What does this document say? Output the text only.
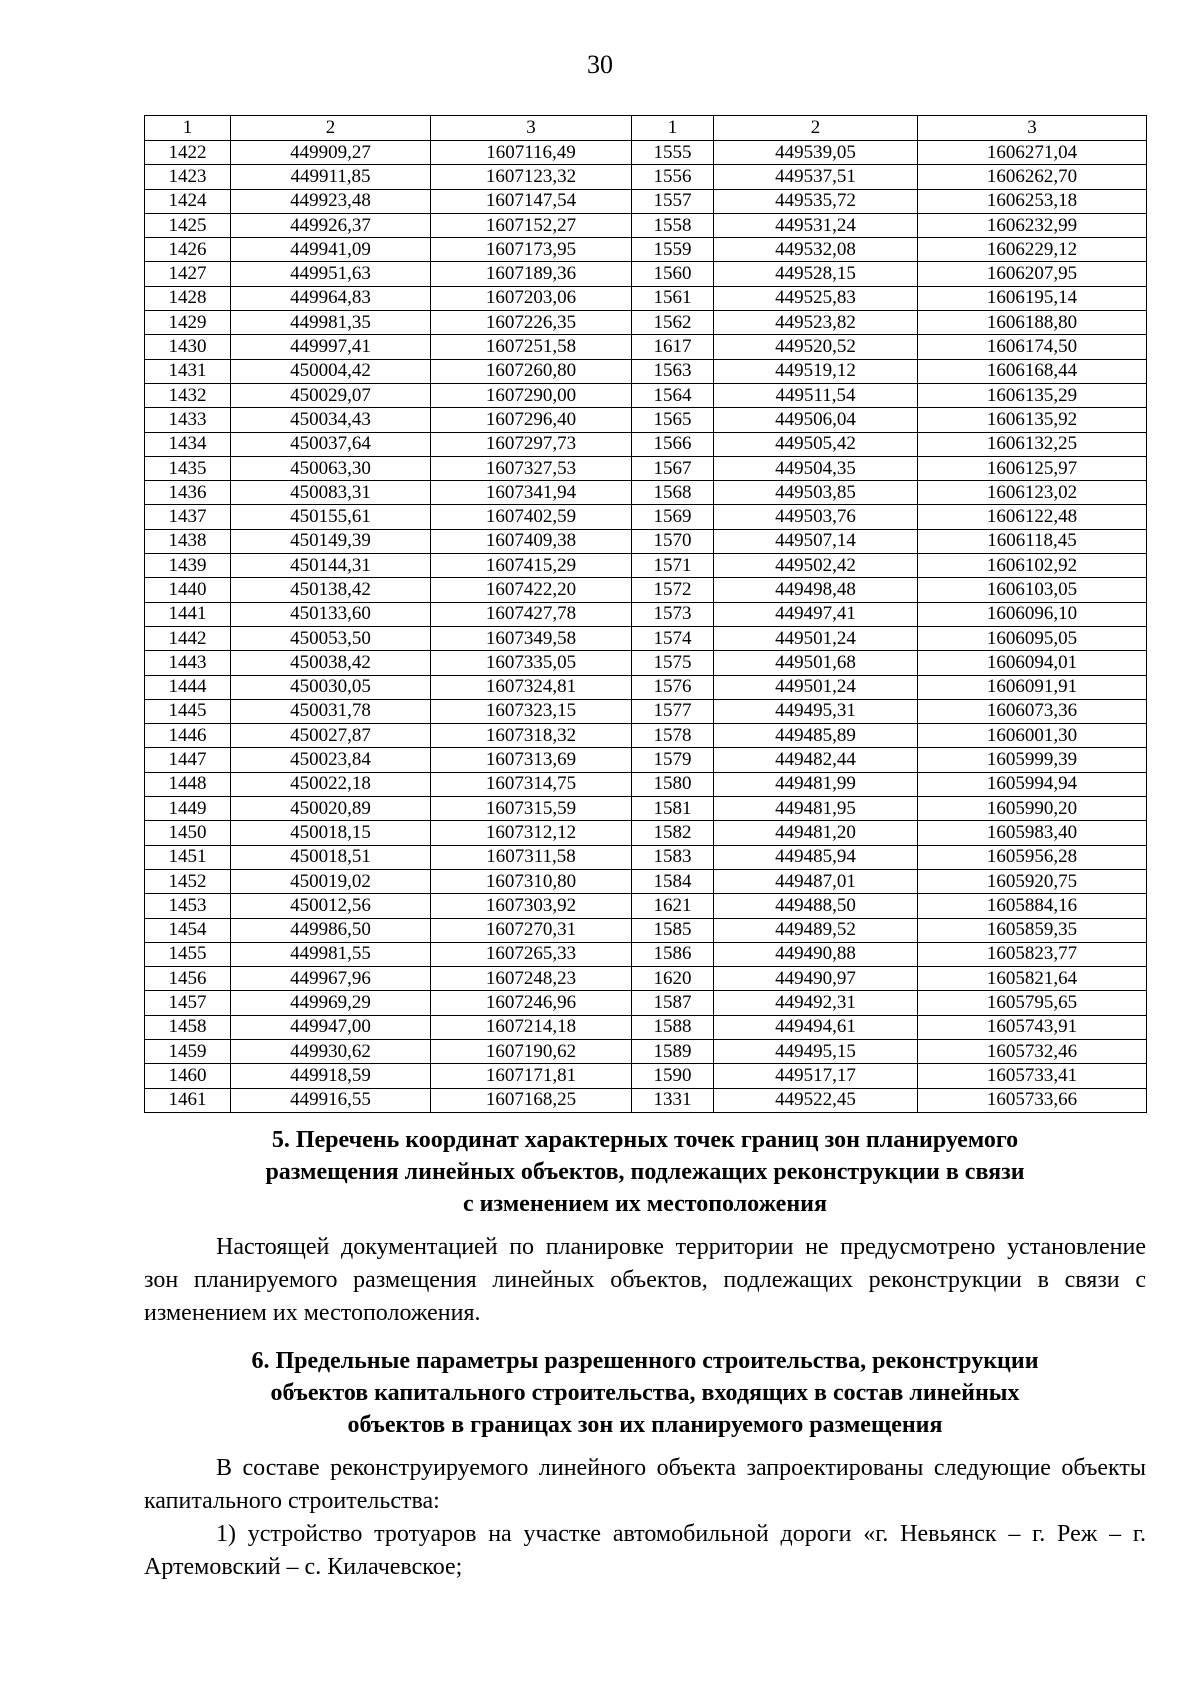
30
1	2	3	1	2	3
1422	449909,27	1607116,49	1555	449539,05	1606271,04
1423	449911,85	1607123,32	1556	449537,51	1606262,70
1424	449923,48	1607147,54	1557	449535,72	1606253,18
1425	449926,37	1607152,27	1558	449531,24	1606232,99
1426	449941,09	1607173,95	1559	449532,08	1606229,12
1427	449951,63	1607189,36	1560	449528,15	1606207,95
1428	449964,83	1607203,06	1561	449525,83	1606195,14
1429	449981,35	1607226,35	1562	449523,82	1606188,80
1430	449997,41	1607251,58	1617	449520,52	1606174,50
1431	450004,42	1607260,80	1563	449519,12	1606168,44
1432	450029,07	1607290,00	1564	449511,54	1606135,29
1433	450034,43	1607296,40	1565	449506,04	1606135,92
1434	450037,64	1607297,73	1566	449505,42	1606132,25
1435	450063,30	1607327,53	1567	449504,35	1606125,97
1436	450083,31	1607341,94	1568	449503,85	1606123,02
1437	450155,61	1607402,59	1569	449503,76	1606122,48
1438	450149,39	1607409,38	1570	449507,14	1606118,45
1439	450144,31	1607415,29	1571	449502,42	1606102,92
1440	450138,42	1607422,20	1572	449498,48	1606103,05
1441	450133,60	1607427,78	1573	449497,41	1606096,10
1442	450053,50	1607349,58	1574	449501,24	1606095,05
1443	450038,42	1607335,05	1575	449501,68	1606094,01
1444	450030,05	1607324,81	1576	449501,24	1606091,91
1445	450031,78	1607323,15	1577	449495,31	1606073,36
1446	450027,87	1607318,32	1578	449485,89	1606001,30
1447	450023,84	1607313,69	1579	449482,44	1605999,39
1448	450022,18	1607314,75	1580	449481,99	1605994,94
1449	450020,89	1607315,59	1581	449481,95	1605990,20
1450	450018,15	1607312,12	1582	449481,20	1605983,40
1451	450018,51	1607311,58	1583	449485,94	1605956,28
1452	450019,02	1607310,80	1584	449487,01	1605920,75
1453	450012,56	1607303,92	1621	449488,50	1605884,16
1454	449986,50	1607270,31	1585	449489,52	1605859,35
1455	449981,55	1607265,33	1586	449490,88	1605823,77
1456	449967,96	1607248,23	1620	449490,97	1605821,64
1457	449969,29	1607246,96	1587	449492,31	1605795,65
1458	449947,00	1607214,18	1588	449494,61	1605743,91
1459	449930,62	1607190,62	1589	449495,15	1605732,46
1460	449918,59	1607171,81	1590	449517,17	1605733,41
1461	449916,55	1607168,25	1331	449522,45	1605733,66
5. Перечень координат характерных точек границ зон планируемого
размещения линейных объектов, подлежащих реконструкции в связи
с изменением их местоположения

Настоящей документацией по планировке территории не предусмотрено установление зон планируемого размещения линейных объектов, подлежащих реконструкции в связи с изменением их местоположения.

6. Предельные параметры разрешенного строительства, реконструкции
объектов капитального строительства, входящих в состав линейных
объектов в границах зон их планируемого размещения

В составе реконструируемого линейного объекта запроектированы следующие объекты капитального строительства:

1) устройство тротуаров на участке автомобильной дороги «г. Невьянск – г. Реж – г. Артемовский – с. Килачевское;
